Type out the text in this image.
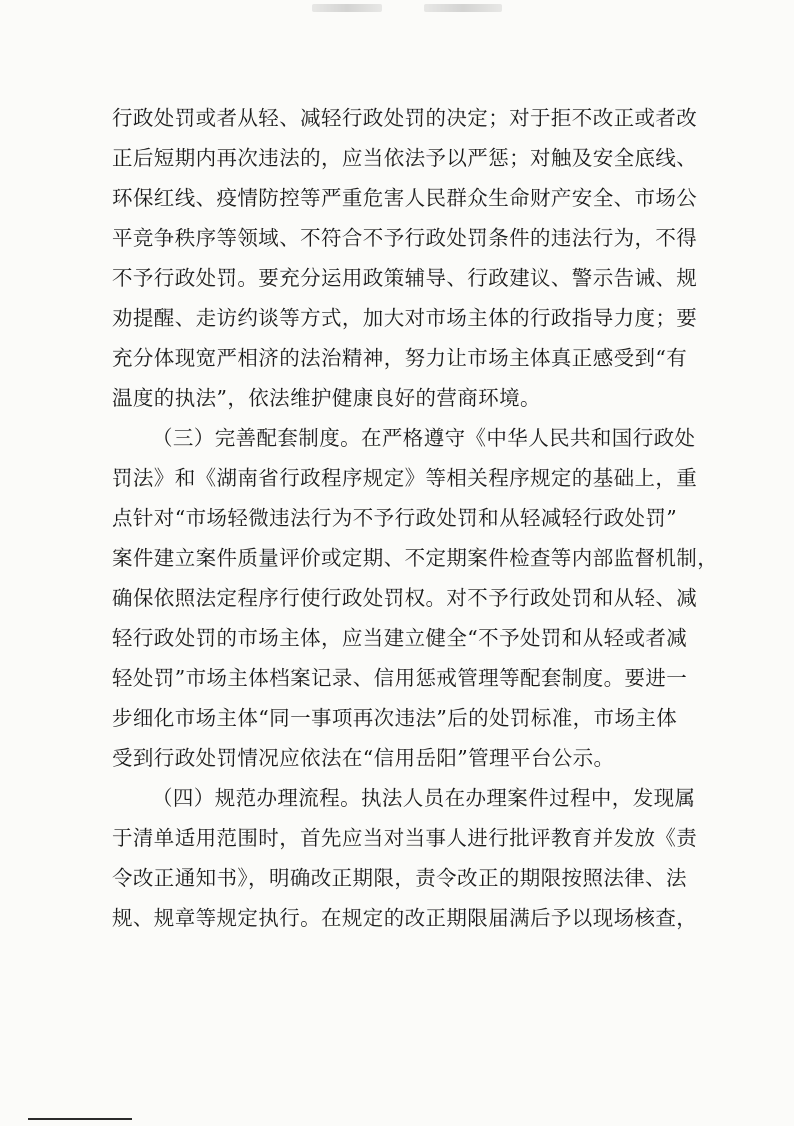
行政处罚或者从轻、减轻行政处罚的决定；对于拒不改正或者改
正后短期内再次违法的，应当依法予以严惩；对触及安全底线、
环保红线、疫情防控等严重危害人民群众生命财产安全、市场公
平竞争秩序等领域、不符合不予行政处罚条件的违法行为，不得
不予行政处罚。要充分运用政策辅导、行政建议、警示告诫、规
劝提醒、走访约谈等方式，加大对市场主体的行政指导力度；要
充分体现宽严相济的法治精神，努力让市场主体真正感受到“有
温度的执法”，依法维护健康良好的营商环境。
（三）完善配套制度。在严格遵守《中华人民共和国行政处
罚法》和《湖南省行政程序规定》等相关程序规定的基础上，重
点针对“市场轻微违法行为不予行政处罚和从轻减轻行政处罚”
案件建立案件质量评价或定期、不定期案件检查等内部监督机制，
确保依照法定程序行使行政处罚权。对不予行政处罚和从轻、减
轻行政处罚的市场主体，应当建立健全“不予处罚和从轻或者减
轻处罚”市场主体档案记录、信用惩戒管理等配套制度。要进一
步细化市场主体“同一事项再次违法”后的处罚标准，市场主体
受到行政处罚情况应依法在“信用岳阳”管理平台公示。
（四）规范办理流程。执法人员在办理案件过程中，发现属
于清单适用范围时，首先应当对当事人进行批评教育并发放《责
令改正通知书》，明确改正期限，责令改正的期限按照法律、法
规、规章等规定执行。在规定的改正期限届满后予以现场核查，
